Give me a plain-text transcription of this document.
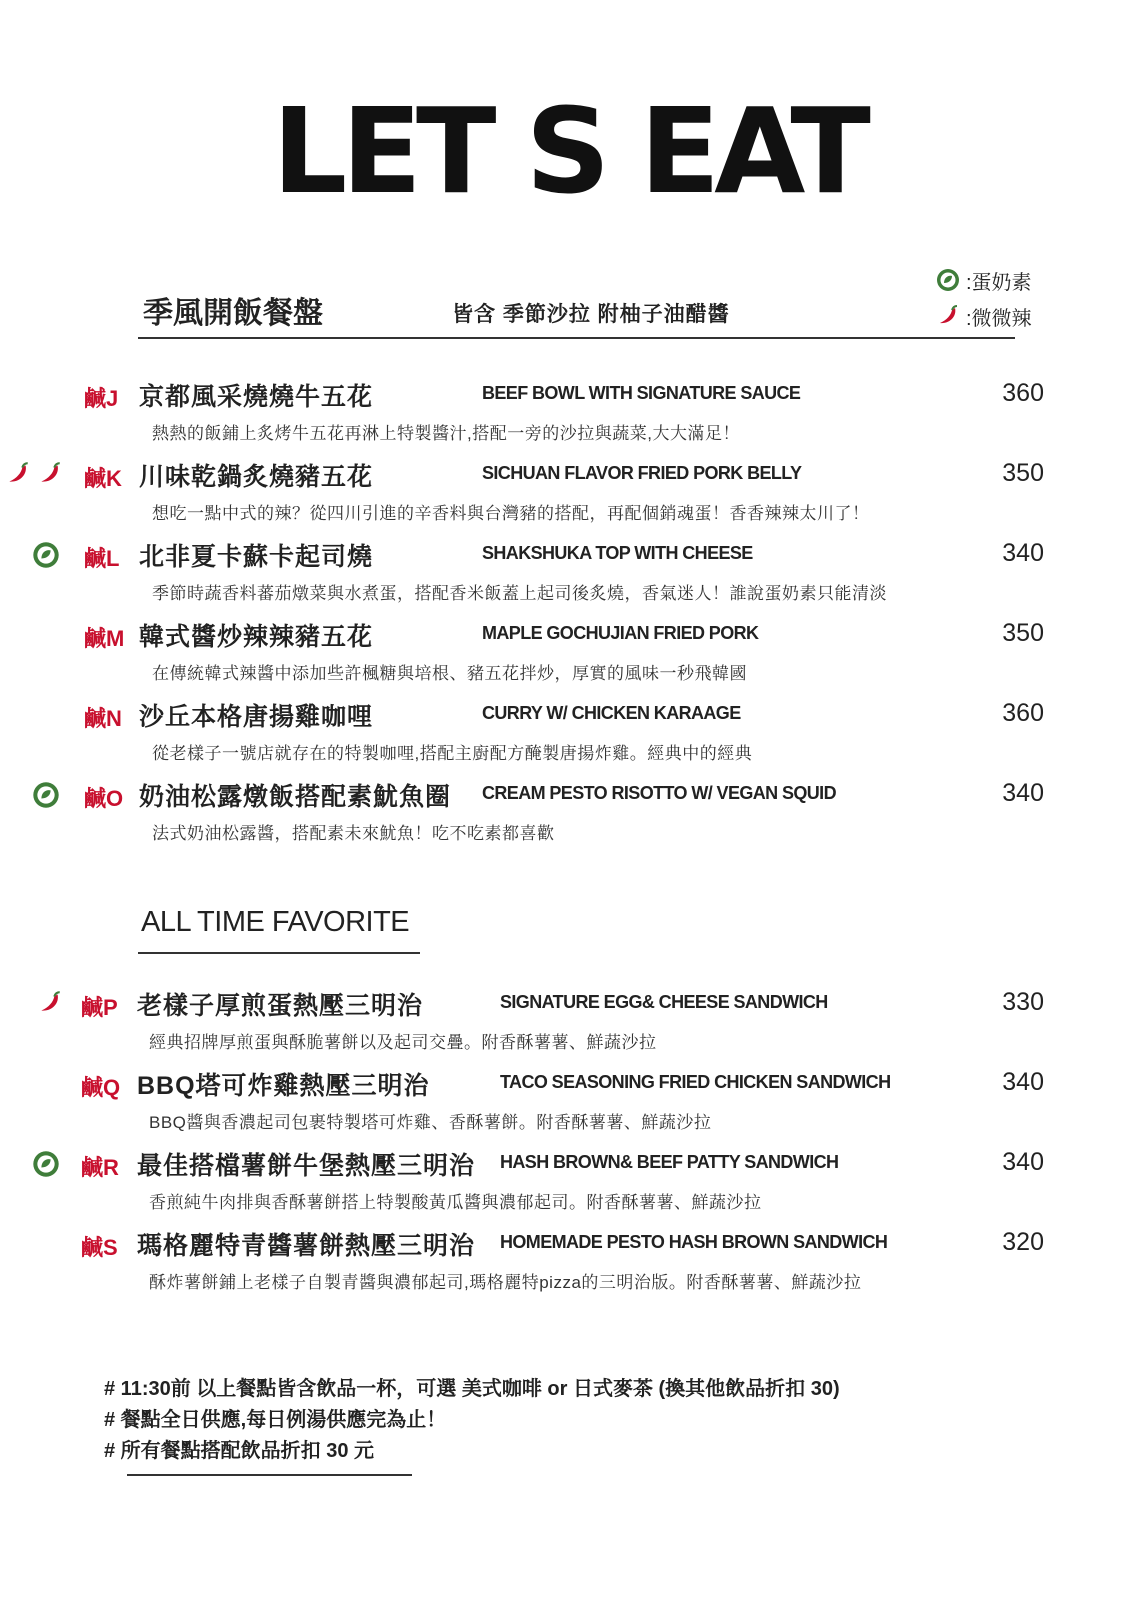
LET S EAT
:蛋奶素
:微微辣
季風開飯餐盤	皆含 季節沙拉 附柚子油醋醬
鹹J 京都風采燒燒牛五花	BEEF BOWL WITH SIGNATURE SAUCE	360
熱熱的飯鋪上炙烤牛五花再淋上特製醬汁,搭配一旁的沙拉與蔬菜,大大滿足！
鹹K 川味乾鍋炙燒豬五花	SICHUAN FLAVOR FRIED PORK BELLY	350
想吃一點中式的辣？從四川引進的辛香料與台灣豬的搭配，再配個銷魂蛋！香香辣辣太川了！
鹹L 北非夏卡蘇卡起司燒	SHAKSHUKA TOP WITH CHEESE	340
季節時蔬香料蕃茄燉菜與水煮蛋，搭配香米飯蓋上起司後炙燒，香氣迷人！誰說蛋奶素只能清淡
鹹M 韓式醬炒辣辣豬五花	MAPLE GOCHUJIAN FRIED PORK	350
在傳統韓式辣醬中添加些許楓糖與培根、豬五花拌炒，厚實的風味一秒飛韓國
鹹N 沙丘本格唐揚雞咖哩	CURRY W/ CHICKEN KARAAGE	360
從老樣子一號店就存在的特製咖哩,搭配主廚配方醃製唐揚炸雞。經典中的經典
鹹O 奶油松露燉飯搭配素魷魚圈 CREAM PESTO RISOTTO W/ VEGAN SQUID	340
法式奶油松露醬，搭配素未來魷魚！吃不吃素都喜歡
ALL TIME FAVORITE
鹹P 老樣子厚煎蛋熱壓三明治	SIGNATURE EGG& CHEESE SANDWICH	330
經典招牌厚煎蛋與酥脆薯餅以及起司交疊。附香酥薯薯、鮮蔬沙拉
鹹Q BBQ塔可炸雞熱壓三明治	TACO SEASONING FRIED CHICKEN SANDWICH	340
BBQ醬與香濃起司包裹特製塔可炸雞、香酥薯餅。附香酥薯薯、鮮蔬沙拉
鹹R 最佳搭檔薯餅牛堡熱壓三明治 HASH BROWN& BEEF PATTY SANDWICH	340
香煎純牛肉排與香酥薯餅搭上特製酸黃瓜醬與濃郁起司。附香酥薯薯、鮮蔬沙拉
鹹S 瑪格麗特青醬薯餅熱壓三明治 HOMEMADE PESTO HASH BROWN SANDWICH	320
酥炸薯餅鋪上老樣子自製青醬與濃郁起司,瑪格麗特pizza的三明治版。附香酥薯薯、鮮蔬沙拉
# 11:30前 以上餐點皆含飲品一杯，可選 美式咖啡 or 日式麥茶 (換其他飲品折扣 30)
# 餐點全日供應,每日例湯供應完為止！
# 所有餐點搭配飲品折扣 30 元
